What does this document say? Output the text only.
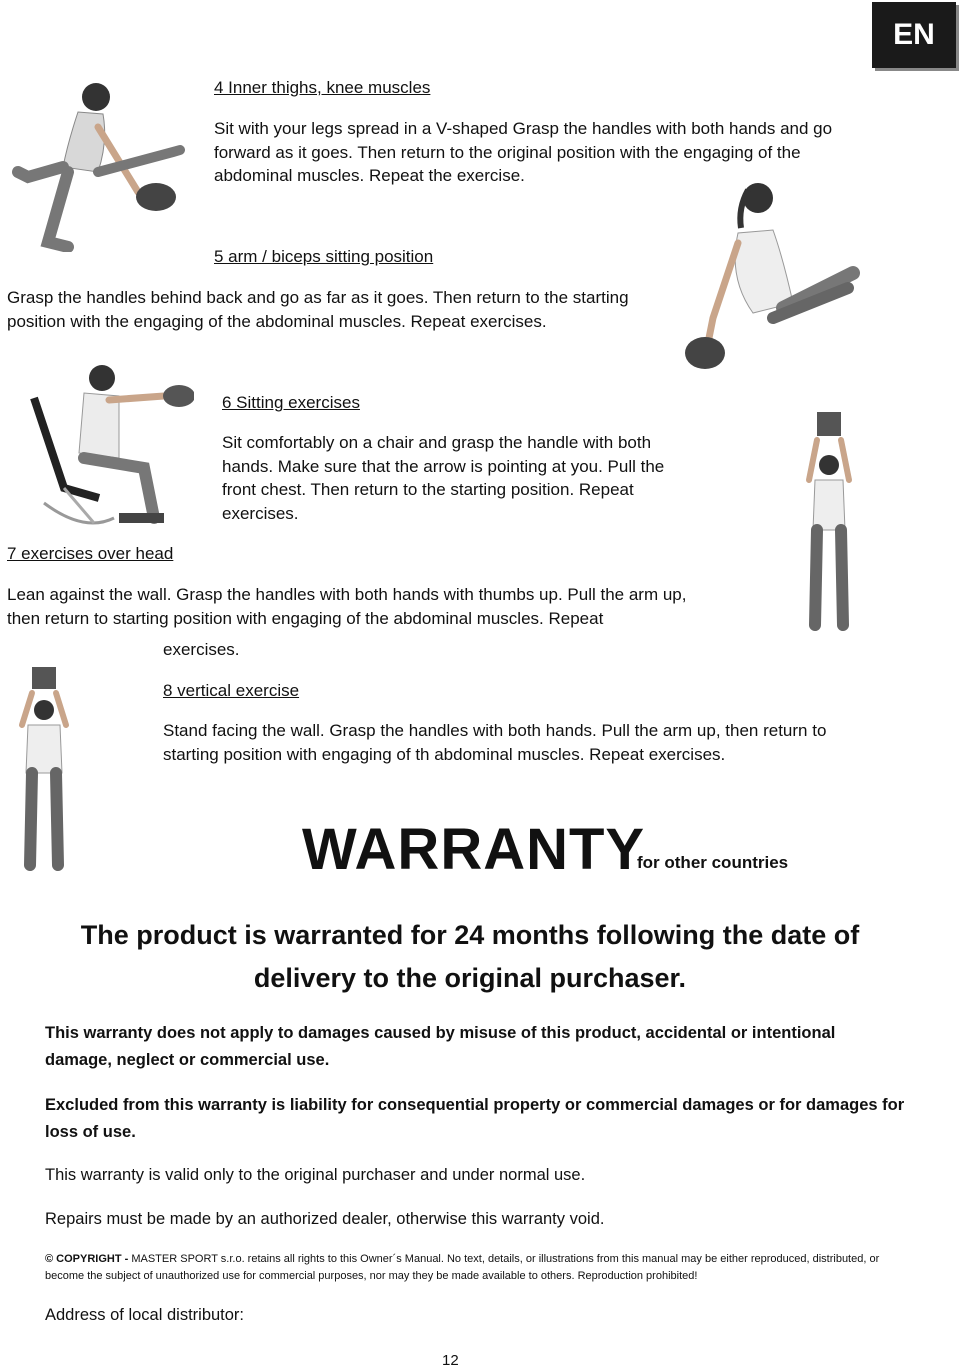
EN
4 Inner thighs, knee muscles
Sit with your legs spread in a V-shaped Grasp the handles with both hands and go forward as it goes. Then return to the original position with the engaging of the abdominal muscles. Repeat the exercise.
5 arm / biceps sitting position
Grasp the handles behind back and go as far as it goes. Then return to the starting position with the engaging of the abdominal muscles. Repeat exercises.
6 Sitting exercises
Sit comfortably on a chair and grasp the handle with both hands. Make sure that the arrow is pointing at you. Pull the front chest. Then return to the starting position. Repeat exercises.
7 exercises over head
Lean against the wall. Grasp the handles with both hands with thumbs up. Pull the arm up, then return to starting position with engaging of the abdominal muscles. Repeat
exercises.
8 vertical exercise
Stand facing the wall. Grasp the handles with both hands. Pull the arm up, then return to starting position with engaging of th abdominal muscles. Repeat exercises.
WARRANTY
for other countries
The product is warranted for 24 months following the date of delivery to the original purchaser.
This warranty does not apply to damages caused by misuse of this product, accidental or intentional damage, neglect or commercial use.
Excluded from this warranty is liability for consequential property or commercial damages or for damages for loss of use.
This warranty is valid only to the original purchaser and under normal use.
Repairs must be made by an authorized dealer, otherwise this warranty void.
© COPYRIGHT - MASTER SPORT s.r.o. retains all rights to this Owner´s Manual. No text, details, or illustrations from this manual may be either reproduced, distributed, or become the subject of unauthorized use for commercial purposes, nor may they be made available to others. Reproduction prohibited!
Address of local distributor:
12
